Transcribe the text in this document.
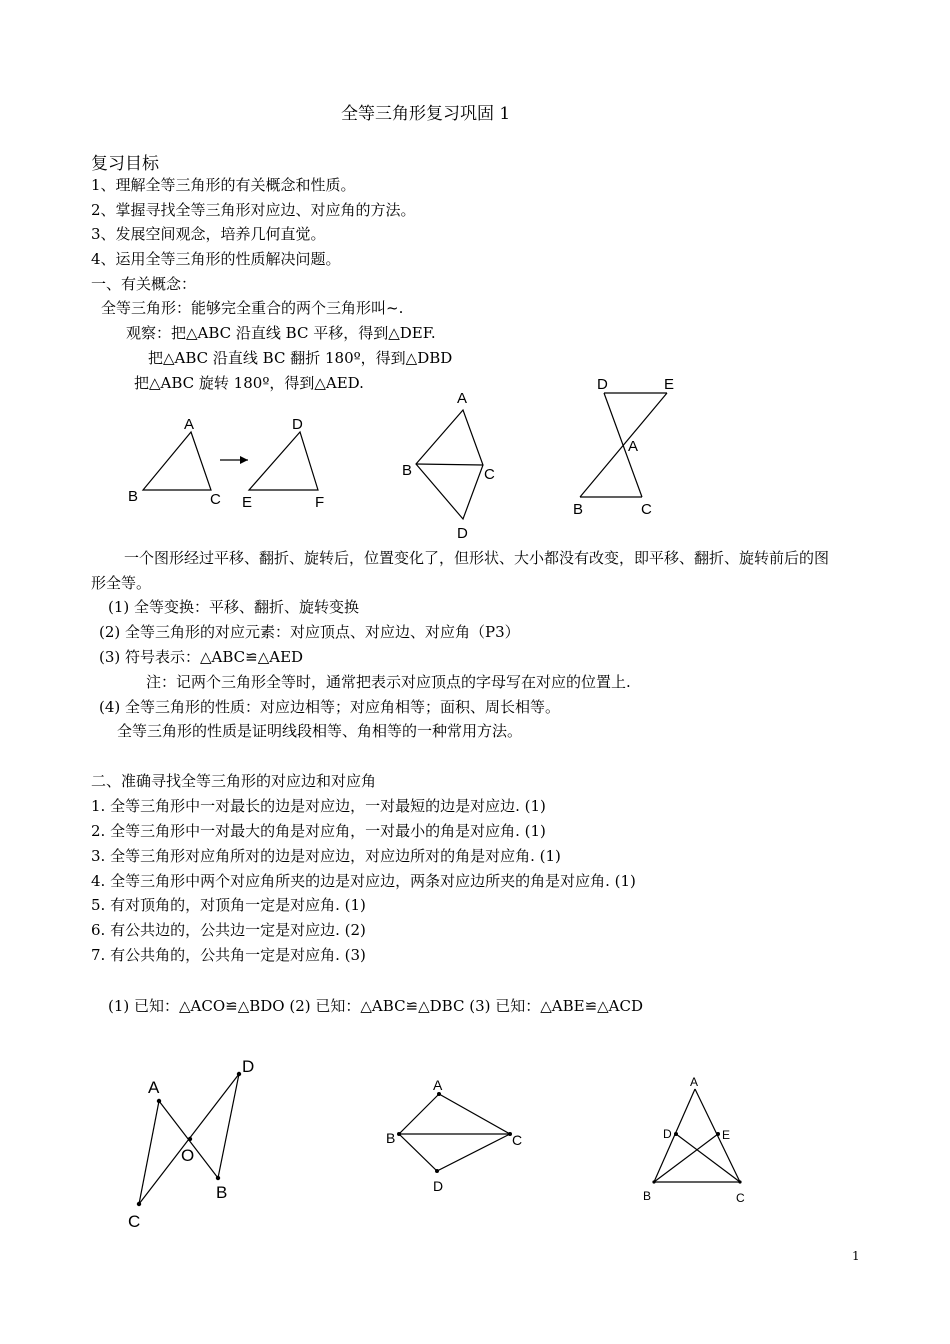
全等三角形复习巩固 1
复习目标
1、理解全等三角形的有关概念和性质。
2、掌握寻找全等三角形对应边、对应角的方法。
3、发展空间观念，培养几何直觉。
4、运用全等三角形的性质解决问题。
一、有关概念：
全等三角形：能够完全重合的两个三角形叫~.
观察：把△ABC 沿直线 BC 平移，得到△DEF.
把△ABC 沿直线 BC 翻折 180º，得到△DBD
把△ABC 旋转 180º，得到△AED.
A
B	C
D
E	F
A
B	C
D
D	E
A
B	C
一个图形经过平移、翻折、旋转后，位置变化了，但形状、大小都没有改变，即平移、翻折、旋转前后的图
形全等。
(1) 全等变换：平移、翻折、旋转变换
(2) 全等三角形的对应元素：对应顶点、对应边、对应角（P3）
(3) 符号表示：△ABC≌△AED
注：记两个三角形全等时，通常把表示对应顶点的字母写在对应的位置上.
(4) 全等三角形的性质：对应边相等；对应角相等；面积、周长相等。
全等三角形的性质是证明线段相等、角相等的一种常用方法。
二、准确寻找全等三角形的对应边和对应角
1. 全等三角形中一对最长的边是对应边，一对最短的边是对应边. (1)
2. 全等三角形中一对最大的角是对应角，一对最小的角是对应角. (1)
3. 全等三角形对应角所对的边是对应边，对应边所对的角是对应角. (1)
4. 全等三角形中两个对应角所夹的边是对应边，两条对应边所夹的角是对应角. (1)
5. 有对顶角的，对顶角一定是对应角. (1)
6. 有公共边的，公共边一定是对应边. (2)
7. 有公共角的，公共角一定是对应角. (3)
(1) 已知：△ACO≌△BDO (2) 已知：△ABC≌△DBC (3) 已知：△ABE≌△ACD
A
D
O
B
C
A
B	C
D
A
D	E
B	C
1
